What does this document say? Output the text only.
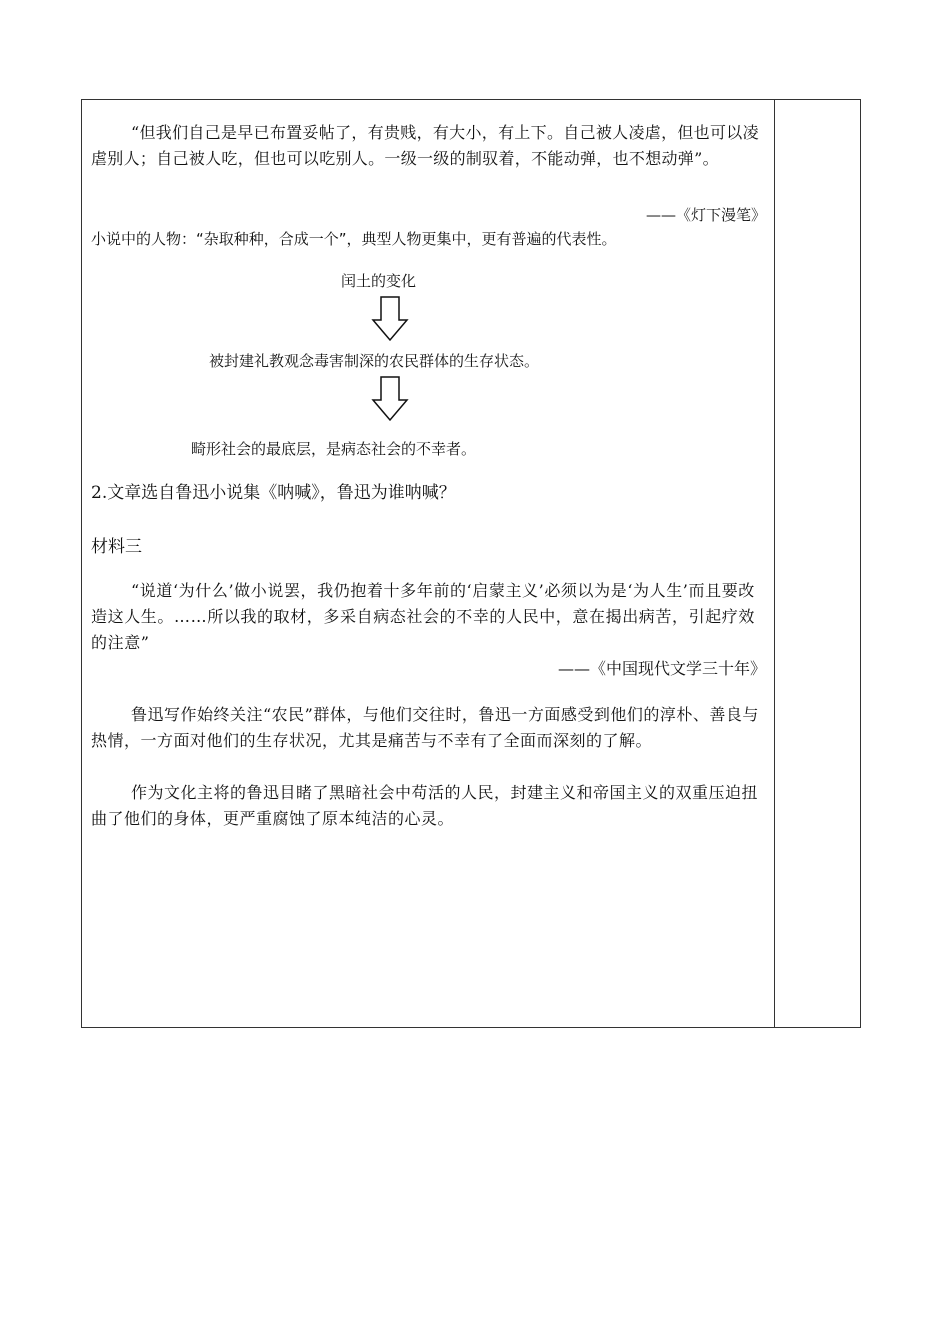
“但我们自己是早已布置妥帖了，有贵贱，有大小，有上下。自己被人凌虐，但也可以凌虐别人；自己被人吃，但也可以吃别人。一级一级的制驭着，不能动弹，也不想动弹”。

——《灯下漫笔》

小说中的人物：“杂取种种，合成一个”，典型人物更集中，更有普遍的代表性。

闰土的变化

被封建礼教观念毒害制深的农民群体的生存状态。

畸形社会的最底层，是病态社会的不幸者。

2.文章选自鲁迅小说集《呐喊》，鲁迅为谁呐喊？

材料三

“说道‘为什么’做小说罢，我仍抱着十多年前的‘启蒙主义’必须以为是‘为人生’而且要改造这人生。……所以我的取材，多采自病态社会的不幸的人民中，意在揭出病苦，引起疗效的注意”

——《中国现代文学三十年》

鲁迅写作始终关注“农民”群体，与他们交往时，鲁迅一方面感受到他们的淳朴、善良与热情，一方面对他们的生存状况，尤其是痛苦与不幸有了全面而深刻的了解。

作为文化主将的鲁迅目睹了黑暗社会中苟活的人民，封建主义和帝国主义的双重压迫扭曲了他们的身体，更严重腐蚀了原本纯洁的心灵。
